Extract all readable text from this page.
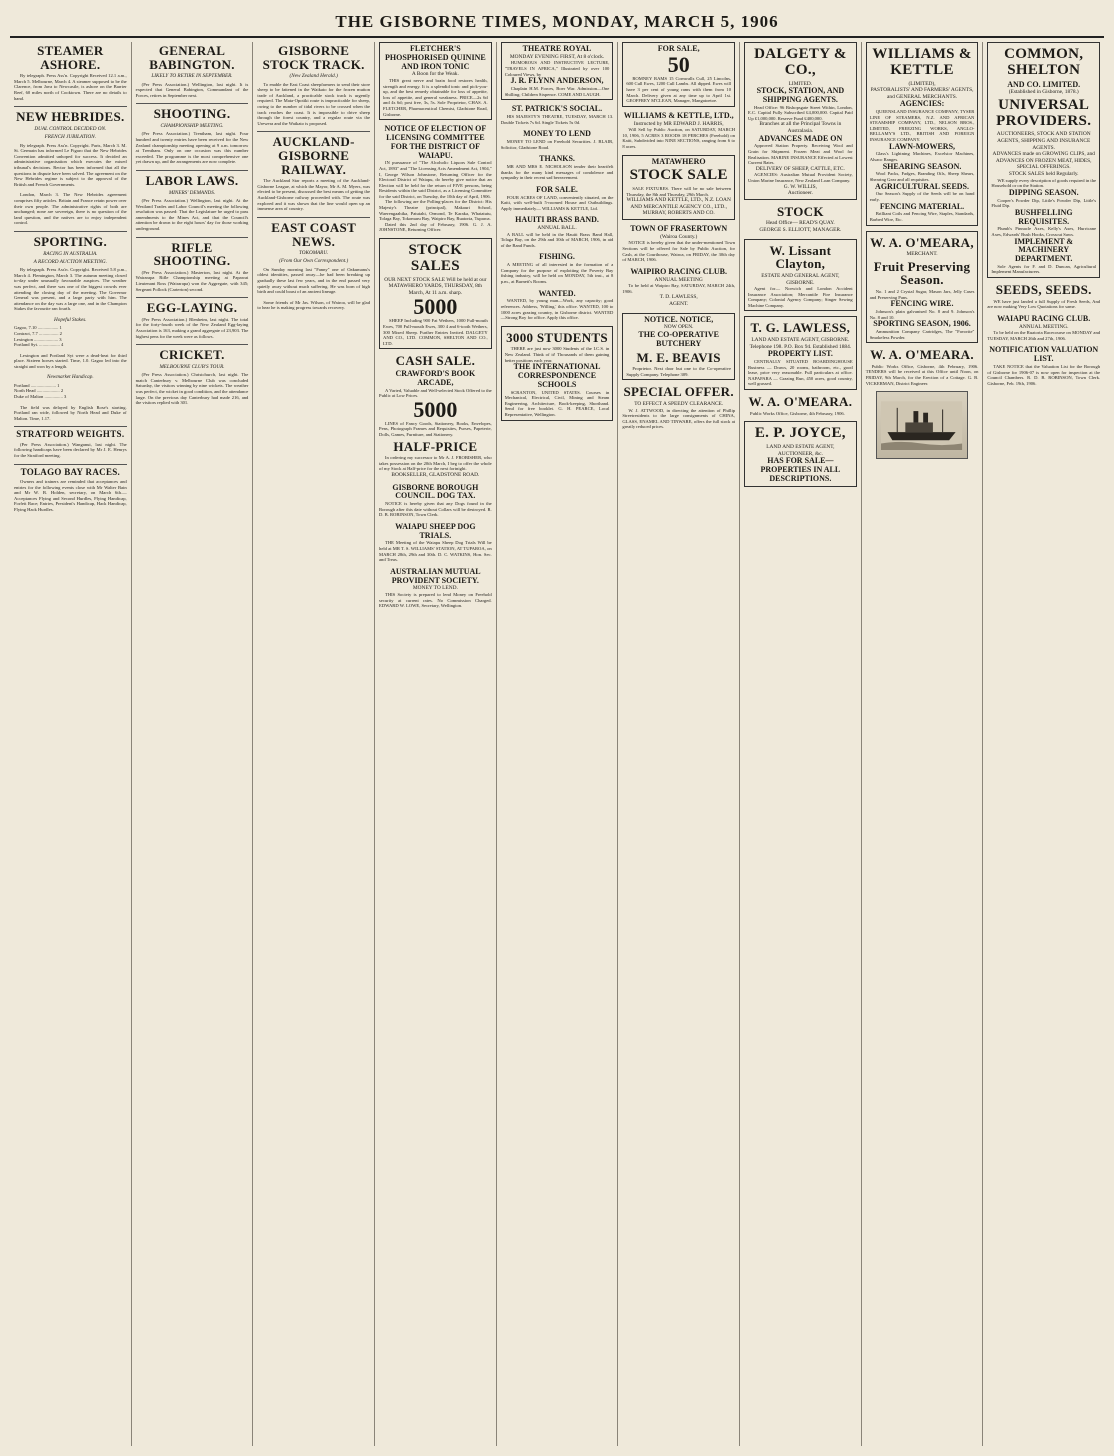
THE GISBORNE TIMES, MONDAY, MARCH 5, 1906
STEAMER ASHORE.
By telegraph. Press Ass'n. Copyright Received 12.1 a.m., March 5. Melbourne, March 4. A steamer supposed to be the Clarence, from Java to Newcastle, is ashore on the Barrier Reef, 60 miles north of Cooktown. There are no details to hand.
NEW HEBRIDES.
DUAL CONTROL DECIDED ON.
FRENCH JUBILATION.
By telegraph. Press Ass'n. Copyright. Paris, March 3. M. St. Germain has informed Le Figaro that the New Hebrides Convention admitted unhoped for success. It decided an administrative organisation which executes the mixed tribunal's decisions. Rector has been informed that all the questions in dispute have been solved. The agreement on the New Hebrides regime is subject to the approval of the British and French Governments.
London, March 3. The New Hebrides agreement comprises fifty articles. Britain and France retain power over their own people. The administrative rights of both are unchanged; none are sovereign, there is no question of the land question, and the natives are to enjoy independent control.
SPORTING.
RACING IN AUSTRALIA.
A RECORD AUCTION MEETING.
By telegraph. Press Ass'n. Copyright. Received 5.8 p.m., March 4. Flemington, March 3. The autumn meeting closed to-day under unusually favourable auspices. The weather was perfect, and there was one of the biggest crowds ever attending the closing day of the meeting. The Governor General was present, and a large party with him. The attendance on the day was a large one, and in the Champion Stakes the favourite ran fourth.
Hopeful Stakes.
Gagoo, 7.10 .................. 1
Contract, 7.7 ................. 2
Lexington ..................... 3
Portland Syt. .................. 4
Lexington and Portland Syt were a dead-heat for third place. Sixteen horses started. Time, 1.0. Gagoo led into the straight and won by a length.
Newmarket Handicap.
Portland ...................... 1
North Head .................... 2
Duke of Malton ................ 3
The field was delayed by English Rose's starting. Portland ran wide, followed by North Head and Duke of Malton. Time, 1.17.
STRATFORD WEIGHTS.
(Per Press Association.) Wanganui, last night. The following handicaps have been declared by Mr J. E. Henrys for the Stratford meeting.
TOLAGO BAY RACES.
Owners and trainers are reminded that acceptances and entries for the following events close with Mr Walter Bain and Mr W. B. Holden, secretary, on March 6th.—Acceptances Flying and Second Hurdles, Flying Handicap, Forfeit Race; Entries, President's Handicap, Hack Handicap, Flying Hack Hurdles.
GENERAL BABINGTON.
LIKELY TO RETIRE IN SEPTEMBER.
(Per Press Association.) Wellington, last night. It is expected that General Babington, Commandant of the Forces, retires in September next.
SHOOTING.
CHAMPIONSHIP MEETING.
(Per Press Association.) Trentham, last night. Four hundred and twenty entries have been received for the New Zealand championship meeting opening at 9 a.m. tomorrow at Trentham. Only on one occasion was this number exceeded. The programme is the most comprehensive one yet drawn up, and the arrangements are now complete.
LABOR LAWS.
MINERS' DEMANDS.
(Per Press Association.) Wellington, last night. At the Westland Trades and Labor Council's meeting the following resolution was passed: That the Legislature be urged to pass amendments to the Mines Act, and that the Council's attention be drawn to the eight hours' day for those working underground.
RIFLE SHOOTING.
(Per Press Association.) Masterton, last night. At the Wairarapa Rifle Championship meeting at Papawai Lieutenant Ross (Wairarapa) won the Aggregate, with 345; Sergeant Pollock (Carterton) second.
EGG-LAYING.
(Per Press Association.) Blenheim, last night. The total for the forty-fourth week of the New Zealand Egg-laying Association is 163, making a grand aggregate of 23,903. The highest pens for the week were as follows.
CRICKET.
MELBOURNE CLUB'S TOUR.
(Per Press Association.) Christchurch, last night. The match Canterbury v. Melbourne Club was concluded Saturday, the visitors winning by nine wickets. The weather was perfect, the wicket in good condition, and the attendance large. On the previous day Canterbury had made 216, and the visitors replied with 301.
GISBORNE STOCK TRACK.
(New Zealand Herald.)
To enable the East Coast sheepfarmers to send their store sheep to be fattened in the Waikato for the frozen mutton trade of Auckland, a practicable stock track is urgently required. The Mata-Opotiki route is impracticable for sheep, owing to the number of tidal rivers to be crossed when the track reaches the coast. It is impossible to drive sheep through the forest country, and a regular route via the Urewera and the Waikato is proposed.
AUCKLAND-GISBORNE RAILWAY.
The Auckland Star reports a meeting of the Auckland-Gisborne League, at which the Mayor, Mr A. M. Myers, was elected to be present, discussed the best means of getting the Auckland-Gisborne railway proceeded with. The route was explored and it was shown that the line would open up an immense area of country.
EAST COAST NEWS.
TOKOMARU.
(From Our Own Correspondent.)
On Sunday morning last "Fanny" one of Oakumanu's oldest identities, passed away—he had been breaking up gradually these last few years, and in the end passed very quietly away without much suffering. He was born of high birth and could boast of an ancient lineage.
Some friends of Mr Jas. Wilson, of Wairoa, will be glad to hear he is making progress towards recovery.
FLETCHER'S PHOSPHORISED QUININE AND IRON TONIC
A Boon for the Weak.
THIS great nerve and brain food restores health, strength and energy. It is a splendid tonic and pick-you-up, and the best remedy obtainable for loss of appetite, loss of appetite, and general weakness. PRICE—2s 6d and 4s 6d; post free, 3s, 5s. Sole Proprietor, CHAS. A. FLETCHER, Pharmaceutical Chemist, Gladstone Road, Gisborne.
NOTICE OF ELECTION OF LICENSING COMMITTEE FOR THE DISTRICT OF WAIAPU.
IN pursuance of "The Alcoholic Liquors Sale Control Act, 1893" and "The Licensing Acts Amendment Act, 1904," I, George Wilson Johnstone, Returning Officer for the Electoral District of Waiapu, do hereby give notice that an Election will be held for the return of FIVE persons, being Residents within the said District, as a Licensing Committee for the said District, on Tuesday, the 10th day of April, 1906.
The following are the Polling-places for the District: His Majesty's Theatre (principal), Makauri School, Waerengaahika, Patutahi, Ormond, Te Karaka, Whatatutu, Tolaga Bay, Tokomaru Bay, Waipiro Bay, Ruatoria, Tuparoa.
Dated this 2nd day of February, 1906. G. J. A. JOHNSTONE, Returning Officer.
STOCK SALES
OUR NEXT STOCK SALE Will be held at our MATAWHERO YARDS, THURSDAY, 8th March, At 11 a.m. sharp.
5000
SHEEP Including 900 Fat Wethers, 1000 Full-mouth Ewes, 700 Full-mouth Ewes, 300 4 and 6-tooth Wethers, 300 Mixed Sheep. Further Entries Invited. DALGETY AND CO., LTD. COMMON, SHELTON AND CO., LTD.
CASH SALE.
CRAWFORD'S BOOK ARCADE,
A Varied, Valuable and Well-selected Stock Offered to the Public at Low Prices.
5000
LINES of Fancy Goods, Stationery, Books, Envelopes, Pens, Photograph Frames and Requisites, Purses, Papeterie, Dolls, Games, Furniture, and Stationery.
HALF-PRICE
In ordering my successor to Mr A. J. FROBISHER, who takes possession on the 20th March, I beg to offer the whole of my Stock at Half-price for the next fortnight.
BOOKSELLER, GLADSTONE ROAD.
GISBORNE BOROUGH COUNCIL. DOG TAX.
NOTICE is hereby given that any Dogs found in the Borough after this date without Collars will be destroyed. R. D. B. ROBINSON, Town Clerk.
WAIAPU SHEEP DOG TRIALS.
THE Meeting of the Waiapu Sheep Dog Trials Will be held at MR T. S. WILLIAMS' STATION, AT TUPAROA, on MARCH 28th, 29th and 30th. D. C. WATKINS, Hon. Sec. and Treas.
AUSTRALIAN MUTUAL PROVIDENT SOCIETY.
MONEY TO LEND.
THIS Society is prepared to lend Money on Freehold security at current rates. No Commission Charged. EDWARD W. LOWE, Secretary, Wellington.
THEATRE ROYAL
MONDAY EVENING FIRST, At 8 o'clock.
HUMOROUS AND INSTRUCTIVE LECTURE, "TRAVELS IN AFRICA," Illustrated by over 100 Coloured Views, by
J. R. FLYNN ANDERSON,
Chaplain H.M. Forces, Boer War. Admission—One Shilling; Children Sixpence. COME AND LAUGH.
ST. PATRICK'S SOCIAL.
HIS MAJESTY'S THEATRE, TUESDAY, MARCH 13. Double Tickets 7s 6d. Single Tickets 5s 0d.
MONEY TO LEND
MONEY TO LEND on Freehold Securities. J. BLAIR, Solicitor, Gladstone Road.
THANKS.
MR AND MRS E. NICHOLSON tender their heartfelt thanks for the many kind messages of condolence and sympathy in their recent sad bereavement.
FOR SALE.
FOUR ACRES OF LAND, conveniently situated, on the Kaiti, with well-built 5-roomed House and Outbuildings. Apply immediately— WILLIAMS & KETTLE, Ltd.
HAUITI BRASS BAND.
ANNUAL BALL.
A BALL will be held in the Hauiti Brass Band Hall, Tolaga Bay, on the 29th and 30th of MARCH, 1906, in aid of the Band Funds.
FISHING.
A MEETING of all interested in the formation of a Company for the purpose of exploiting the Poverty Bay fishing industry, will be held on MONDAY, 5th inst., at 8 p.m., at Burnett's Rooms.
WANTED.
WANTED, by young man—Work, any capacity; good references. Address, 'Willing,' this office. WANTED, 100 to 1000 acres grazing country, in Gisborne district. WANTED—Strong Boy for office. Apply this office.
3000 STUDENTS
THERE are just now 3000 Students of the I.C.S. in New Zealand. Think of it! Thousands of them gaining better positions each year.
THE INTERNATIONAL CORRESPONDENCE SCHOOLS
SCRANTON, UNITED STATES. Courses in Mechanical, Electrical, Civil, Mining and Steam Engineering, Architecture, Book-keeping, Shorthand. Send for free booklet. G. H. PEARCE, Local Representative, Wellington.
FOR SALE,
50
ROMNEY RAMS 15 Cornwalls Cull, 25 Lincolns, 600 Cull Ewes, 1200 Cull Lambs. All dipped. Ewes will have 3 per cent of young rams with them from 10 March. Delivery given at any time up to April 1st. GEOFFREY M'CLEAN, Manager, Mangatoetoe.
WILLIAMS & KETTLE, LTD.,
Instructed by MR EDWARD J. HARRIS,
Will Sell by Public Auction, on SATURDAY, MARCH 10, 1906, 5 ACRES 3 ROODS 18 PERCHES (Freehold) on Kaiti, Subdivided into NINE SECTIONS, ranging from 6 to 8 acres.
MATAWHERO
STOCK SALE
SALE FIXTURES. There will be no sale between Thursday, the 8th and Thursday, 29th March.
WILLIAMS AND KETTLE, LTD., N.Z. LOAN AND MERCANTILE AGENCY CO., LTD., MURRAY, ROBERTS AND CO.
TOWN OF FRASERTOWN
(Wairoa County.)
NOTICE is hereby given that the under-mentioned Town Sections will be offered for Sale by Public Auction, for Cash, at the Courthouse, Wairoa, on FRIDAY, the 30th day of MARCH, 1906.
WAIPIRO RACING CLUB.
ANNUAL MEETING
To be held at Waipiro Bay, SATURDAY, MARCH 24th, 1906.
T. D. LAWLESS,
AGENT.
NOTICE. NOTICE,
NOW OPEN.
THE CO-OPERATIVE BUTCHERY
M. E. BEAVIS
Proprietor. Next door but one to the Co-operative Supply Company. Telephone 309.
SPECIAL OFFER.
TO EFFECT A SPEEDY CLEARANCE.
W. J. ATTWOOD, in directing the attention of Phillip Streetresidents to the large consignments of CHINA, GLASS, ENAMEL AND TINWARE, offers the full stock at greatly reduced prices.
DALGETY & CO.,
LIMITED.
STOCK, STATION, AND SHIPPING AGENTS.
Head Office: 96 Bishopsgate Street Within, London, E.C. Capital Fully Subscribed £4,000,000. Capital Paid Up £1,000,000. Reserve Fund £400,000.
Branches at all the Principal Towns in Australasia.
ADVANCES MADE ON
Approved Station Property. Receiving Wool and Grain for Shipment. Frozen Meat and Wool for Realisation. MARINE INSURANCE Effected at Lowest Current Rates.
DELIVERY OF SHEEP, CATTLE, ETC.
AGENCIES: Australian Mutual Provident Society, Union Marine Insurance, New Zealand Loan Company.
G. W. WILLIS,
Auctioneer.
STOCK
Head Office— READ'S QUAY.
GEORGE S. ELLIOTT, MANAGER.
W. Lissant Clayton,
ESTATE AND GENERAL AGENT, GISBORNE.
Agent for— Norwich and London Accident Insurance Association; Mercantile Fire Insurance Company; Colonial Agency Company; Singer Sewing Machine Company.
T. G. LAWLESS,
LAND AND ESTATE AGENT, GISBORNE.
Telephone 198. P.O. Box 94. Established 1884.
PROPERTY LIST.
CENTRALLY SITUATED BOARDINGHOUSE Business — Draws, 20 rooms, bathroom, etc., good lease, price very reasonable. Full particulars at office. NAPAPARA — Grazing Run, 450 acres, good country, well grassed.
W. A. O'MEARA.
Public Works Office, Gisborne, 4th February, 1906.
E. P. JOYCE,
LAND AND ESTATE AGENT, AUCTIONEER, &c.
HAS FOR SALE— PROPERTIES IN ALL DESCRIPTIONS.
WILLIAMS & KETTLE
(LIMITED),
PASTORALISTS' AND FARMERS' AGENTS, and GENERAL MERCHANTS.
AGENCIES:
QUEENSLAND INSURANCE COMPANY, TYSER LINE OF STEAMERS, N.Z. AND AFRICAN STEAMSHIP COMPANY, LTD., NELSON BROS., LIMITED, FREEZING WORKS, ANGLO-BELLAMY'S LTD., BRITISH AND FOREIGN INSURANCE COMPANY.
LAWN-MOWERS,
Glass's Lightning Machines, Excelsior Machines, Alsaco Ranges.
SHEARING SEASON.
Wool Packs, Fadges, Branding Oils, Sheep Shears, Shearing Gear and all requisites.
AGRICULTURAL SEEDS.
Our Season's Supply of the Seeds will be on hand early.
FENCING MATERIAL.
Brilliant Coils and Fencing Wire, Staples, Standards, Barbed Wire, Etc.
W. A. O'MEARA,
MERCHANT.
Fruit Preserving Season.
No. 1 and 2 Crystal Sugar, Mason Jars, Jelly Cases and Preserving Pans.
FENCING WIRE.
Johnson's plain galvanised No. 8 and 9. Johnson's No. 8 and 10.
SPORTING SEASON, 1906.
Ammunition Company Cartridges, The "Favorite" Smokeless Powder.
W. A. O'MEARA.
Public Works Office, Gisborne, 4th February, 1906. TENDERS will be received at this Office until Noon, on FRIDAY, 9th March, for the Erection of a Cottage. G. B. VICKERMAN, District Engineer.
COMMON, SHELTON
AND CO. LIMITED.
(Established in Gisborne, 1878.)
UNIVERSAL PROVIDERS.
AUCTIONEERS, STOCK AND STATION AGENTS, SHIPPING AND INSURANCE AGENTS.
ADVANCES made on GROWING CLIPS, and ADVANCES ON FROZEN MEAT, HIDES, SPECIAL OFFERINGS.
STOCK SALES held Regularly.
WE supply every description of goods required in the Household or on the Station.
DIPPING SEASON.
Cooper's Powder Dip, Little's Powder Dip, Little's Fluid Dip.
BUSHFELLING REQUISITES.
Plumb's Pinnacle Axes, Kelly's Axes, Hurricane Axes, Edwards' Bush Hooks, Crosscut Saws.
IMPLEMENT & MACHINERY DEPARTMENT.
Sole Agents for F. and D. Duncan, Agricultural Implement Manufacturers.
SEEDS, SEEDS.
WE have just landed a full Supply of Fresh Seeds, And are now making Very Low Quotations for same.
WAIAPU RACING CLUB.
ANNUAL MEETING.
To be held on the Ruatoria Racecourse on MONDAY and TUESDAY, MARCH 26th and 27th, 1906.
NOTIFICATION VALUATION LIST.
TAKE NOTICE that the Valuation List for the Borough of Gisborne for 1906-07 is now open for inspection at the Council Chambers. R. D. B. ROBINSON, Town Clerk. Gisborne, Feb. 19th, 1906.
